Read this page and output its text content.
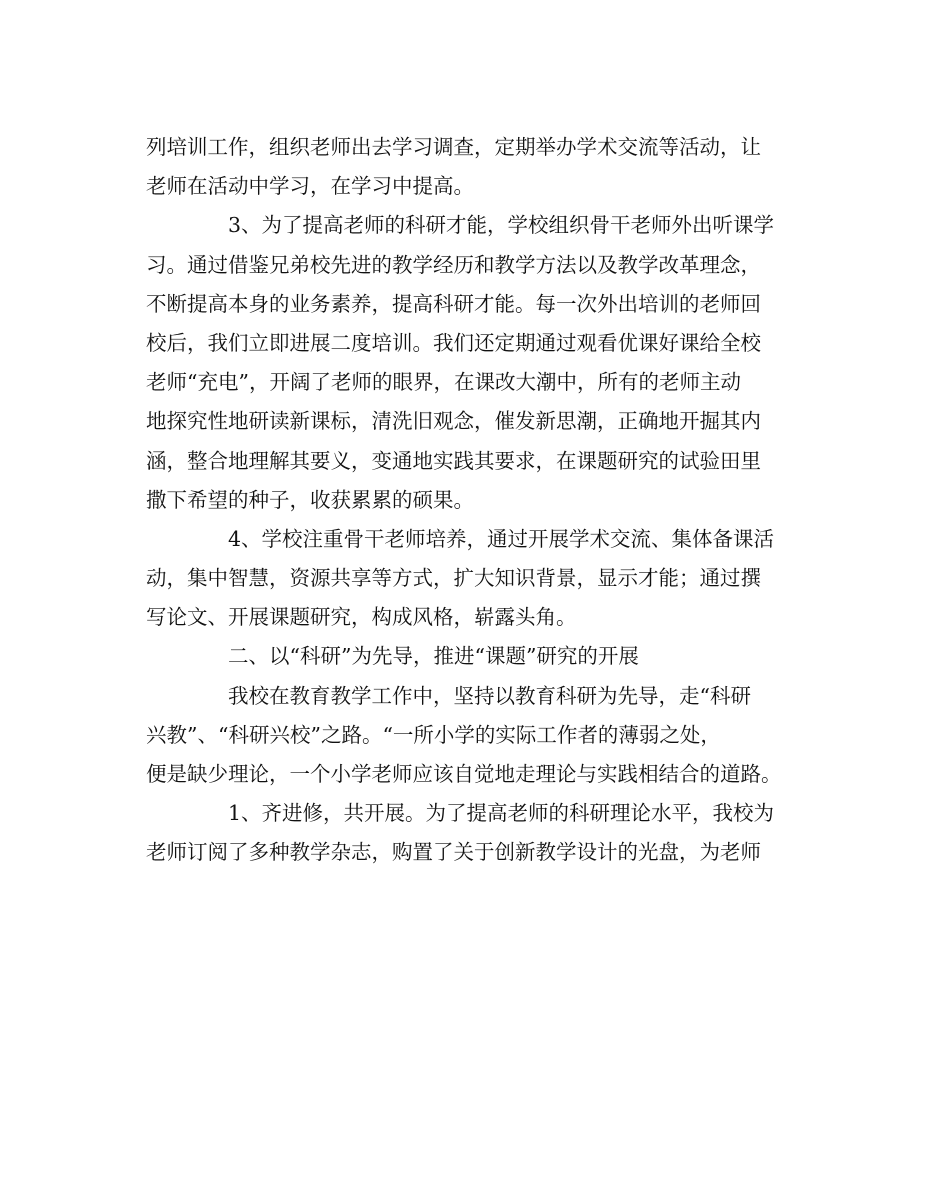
列培训工作，组织老师出去学习调查，定期举办学术交流等活动，让
老师在活动中学习，在学习中提高。
3、为了提高老师的科研才能，学校组织骨干老师外出听课学
习。通过借鉴兄弟校先进的教学经历和教学方法以及教学改革理念，
不断提高本身的业务素养，提高科研才能。每一次外出培训的老师回
校后，我们立即进展二度培训。我们还定期通过观看优课好课给全校
老师“充电”，开阔了老师的眼界，在课改大潮中，所有的老师主动
地探究性地研读新课标，清洗旧观念，催发新思潮，正确地开掘其内
涵，整合地理解其要义，变通地实践其要求，在课题研究的试验田里
撒下希望的种子，收获累累的硕果。
4、学校注重骨干老师培养，通过开展学术交流、集体备课活
动，集中智慧，资源共享等方式，扩大知识背景，显示才能；通过撰
写论文、开展课题研究，构成风格，崭露头角。
二、以“科研”为先导，推进“课题”研究的开展
我校在教育教学工作中，坚持以教育科研为先导，走“科研
兴教”、“科研兴校”之路。“一所小学的实际工作者的薄弱之处，
便是缺少理论，一个小学老师应该自觉地走理论与实践相结合的道路。
1、齐进修，共开展。为了提高老师的科研理论水平，我校为
老师订阅了多种教学杂志，购置了关于创新教学设计的光盘，为老师
